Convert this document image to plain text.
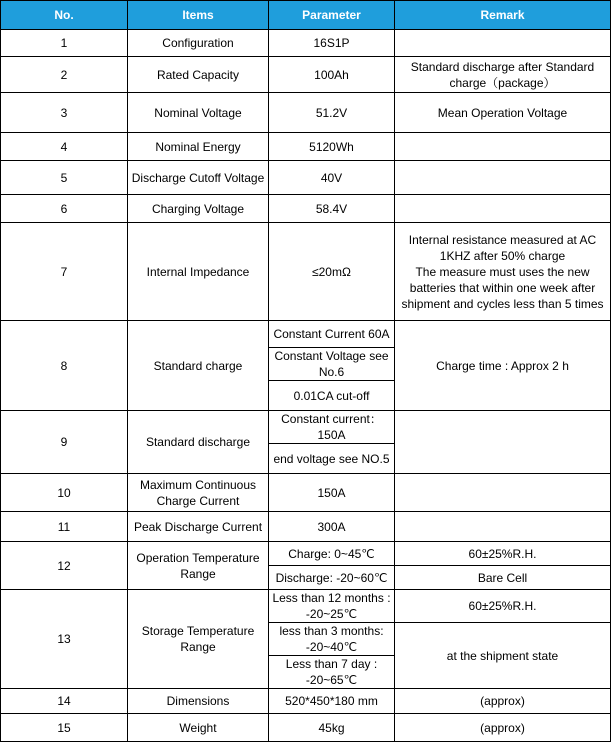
No.	Items	Parameter	Remark
1	Configuration	16S1P	
2	Rated Capacity	100Ah	Standard discharge after Standard charge（package）
3	Nominal Voltage	51.2V	Mean Operation Voltage
4	Nominal Energy	5120Wh	
5	Discharge Cutoff Voltage	40V	
6	Charging Voltage	58.4V	
7	Internal Impedance	≤20mΩ	Internal resistance measured at AC 1KHZ after 50% charge
The measure must uses the new batteries that within one week after shipment and cycles less than 5 times
8	Standard charge	Constant Current 60A	Charge time : Approx 2 h
		Constant Voltage see No.6	
		0.01CA cut-off	
9	Standard discharge	Constant current： 150A	
		end voltage see NO.5	
10	Maximum Continuous Charge Current	150A	
11	Peak Discharge Current	300A	
12	Operation Temperature Range	Charge: 0~45℃	60±25%R.H.
		Discharge: -20~60℃	Bare Cell
13	Storage Temperature Range	Less than 12 months : -20~25℃	60±25%R.H.
		less than 3 months: -20~40℃	at the shipment state
		Less than 7 day : -20~65℃	
14	Dimensions	520*450*180 mm	(approx)
15	Weight	45kg	(approx)
